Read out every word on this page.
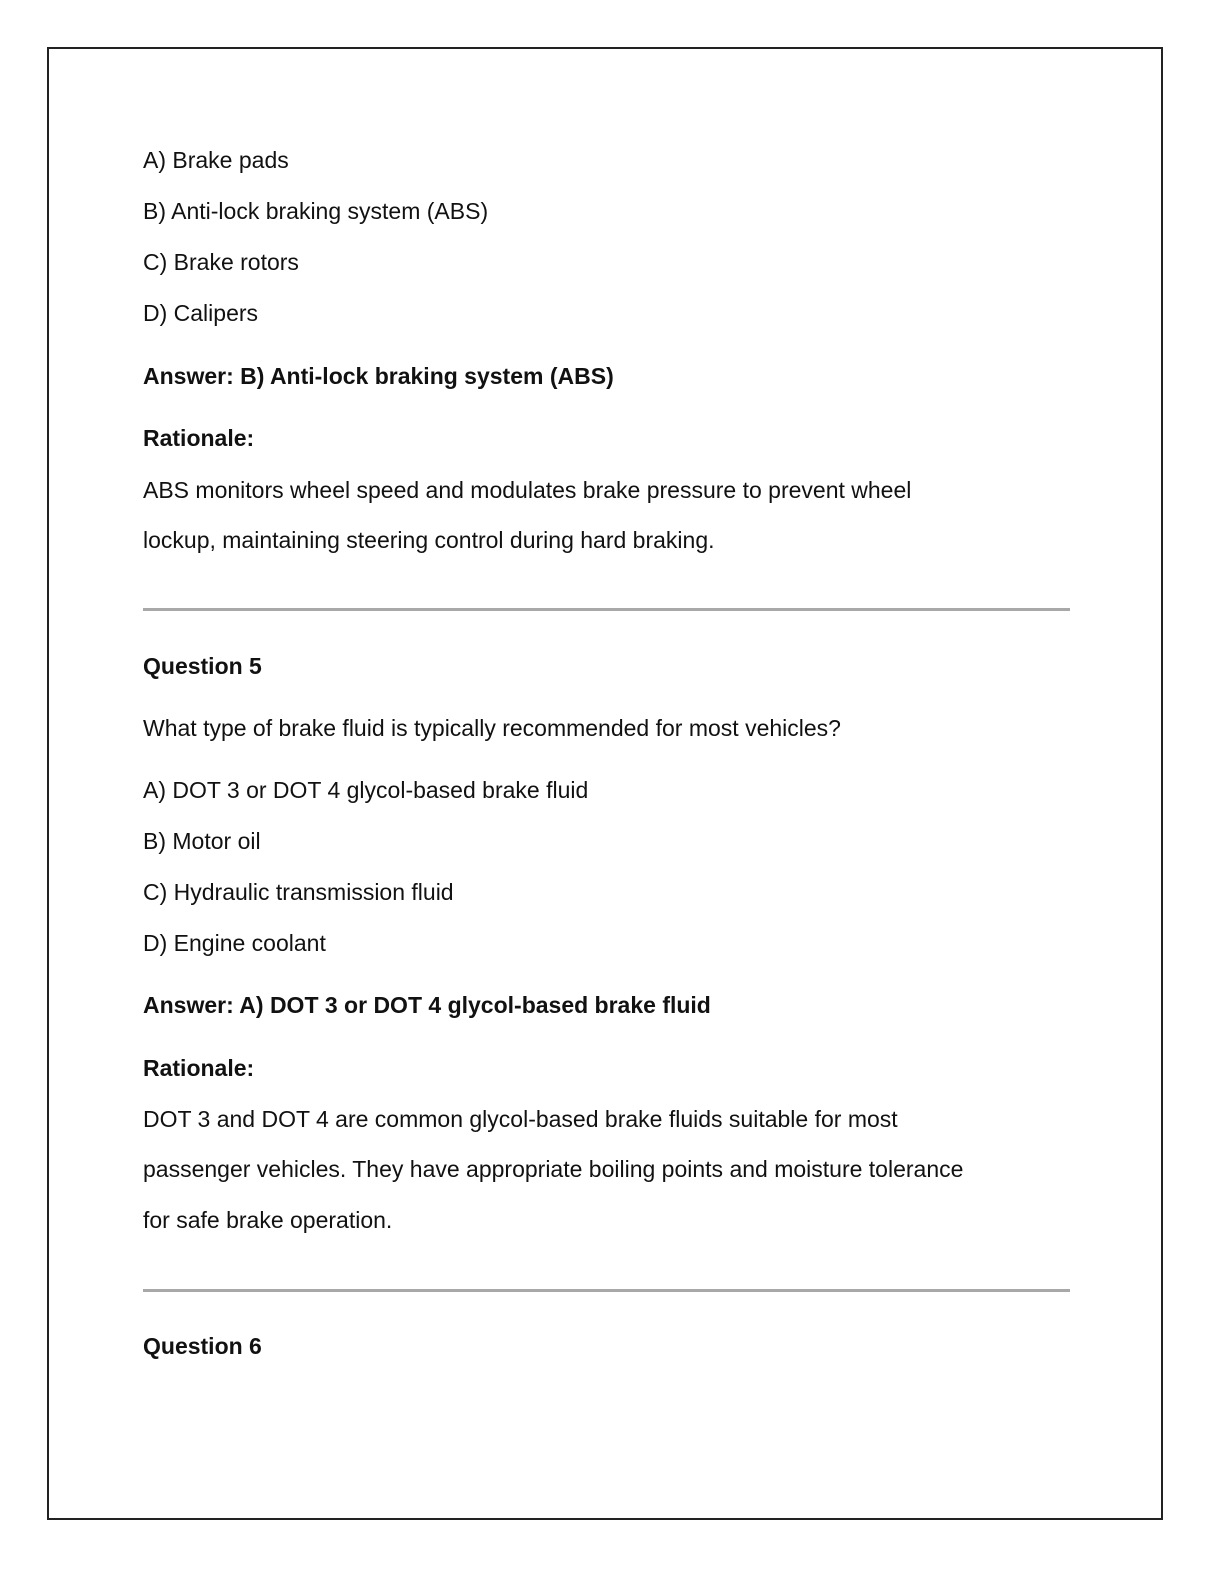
A) Brake pads
B) Anti-lock braking system (ABS)
C) Brake rotors
D) Calipers
Answer: B) Anti-lock braking system (ABS)
Rationale:
ABS monitors wheel speed and modulates brake pressure to prevent wheel
lockup, maintaining steering control during hard braking.
Question 5
What type of brake fluid is typically recommended for most vehicles?
A) DOT 3 or DOT 4 glycol-based brake fluid
B) Motor oil
C) Hydraulic transmission fluid
D) Engine coolant
Answer: A) DOT 3 or DOT 4 glycol-based brake fluid
Rationale:
DOT 3 and DOT 4 are common glycol-based brake fluids suitable for most
passenger vehicles. They have appropriate boiling points and moisture tolerance
for safe brake operation.
Question 6
